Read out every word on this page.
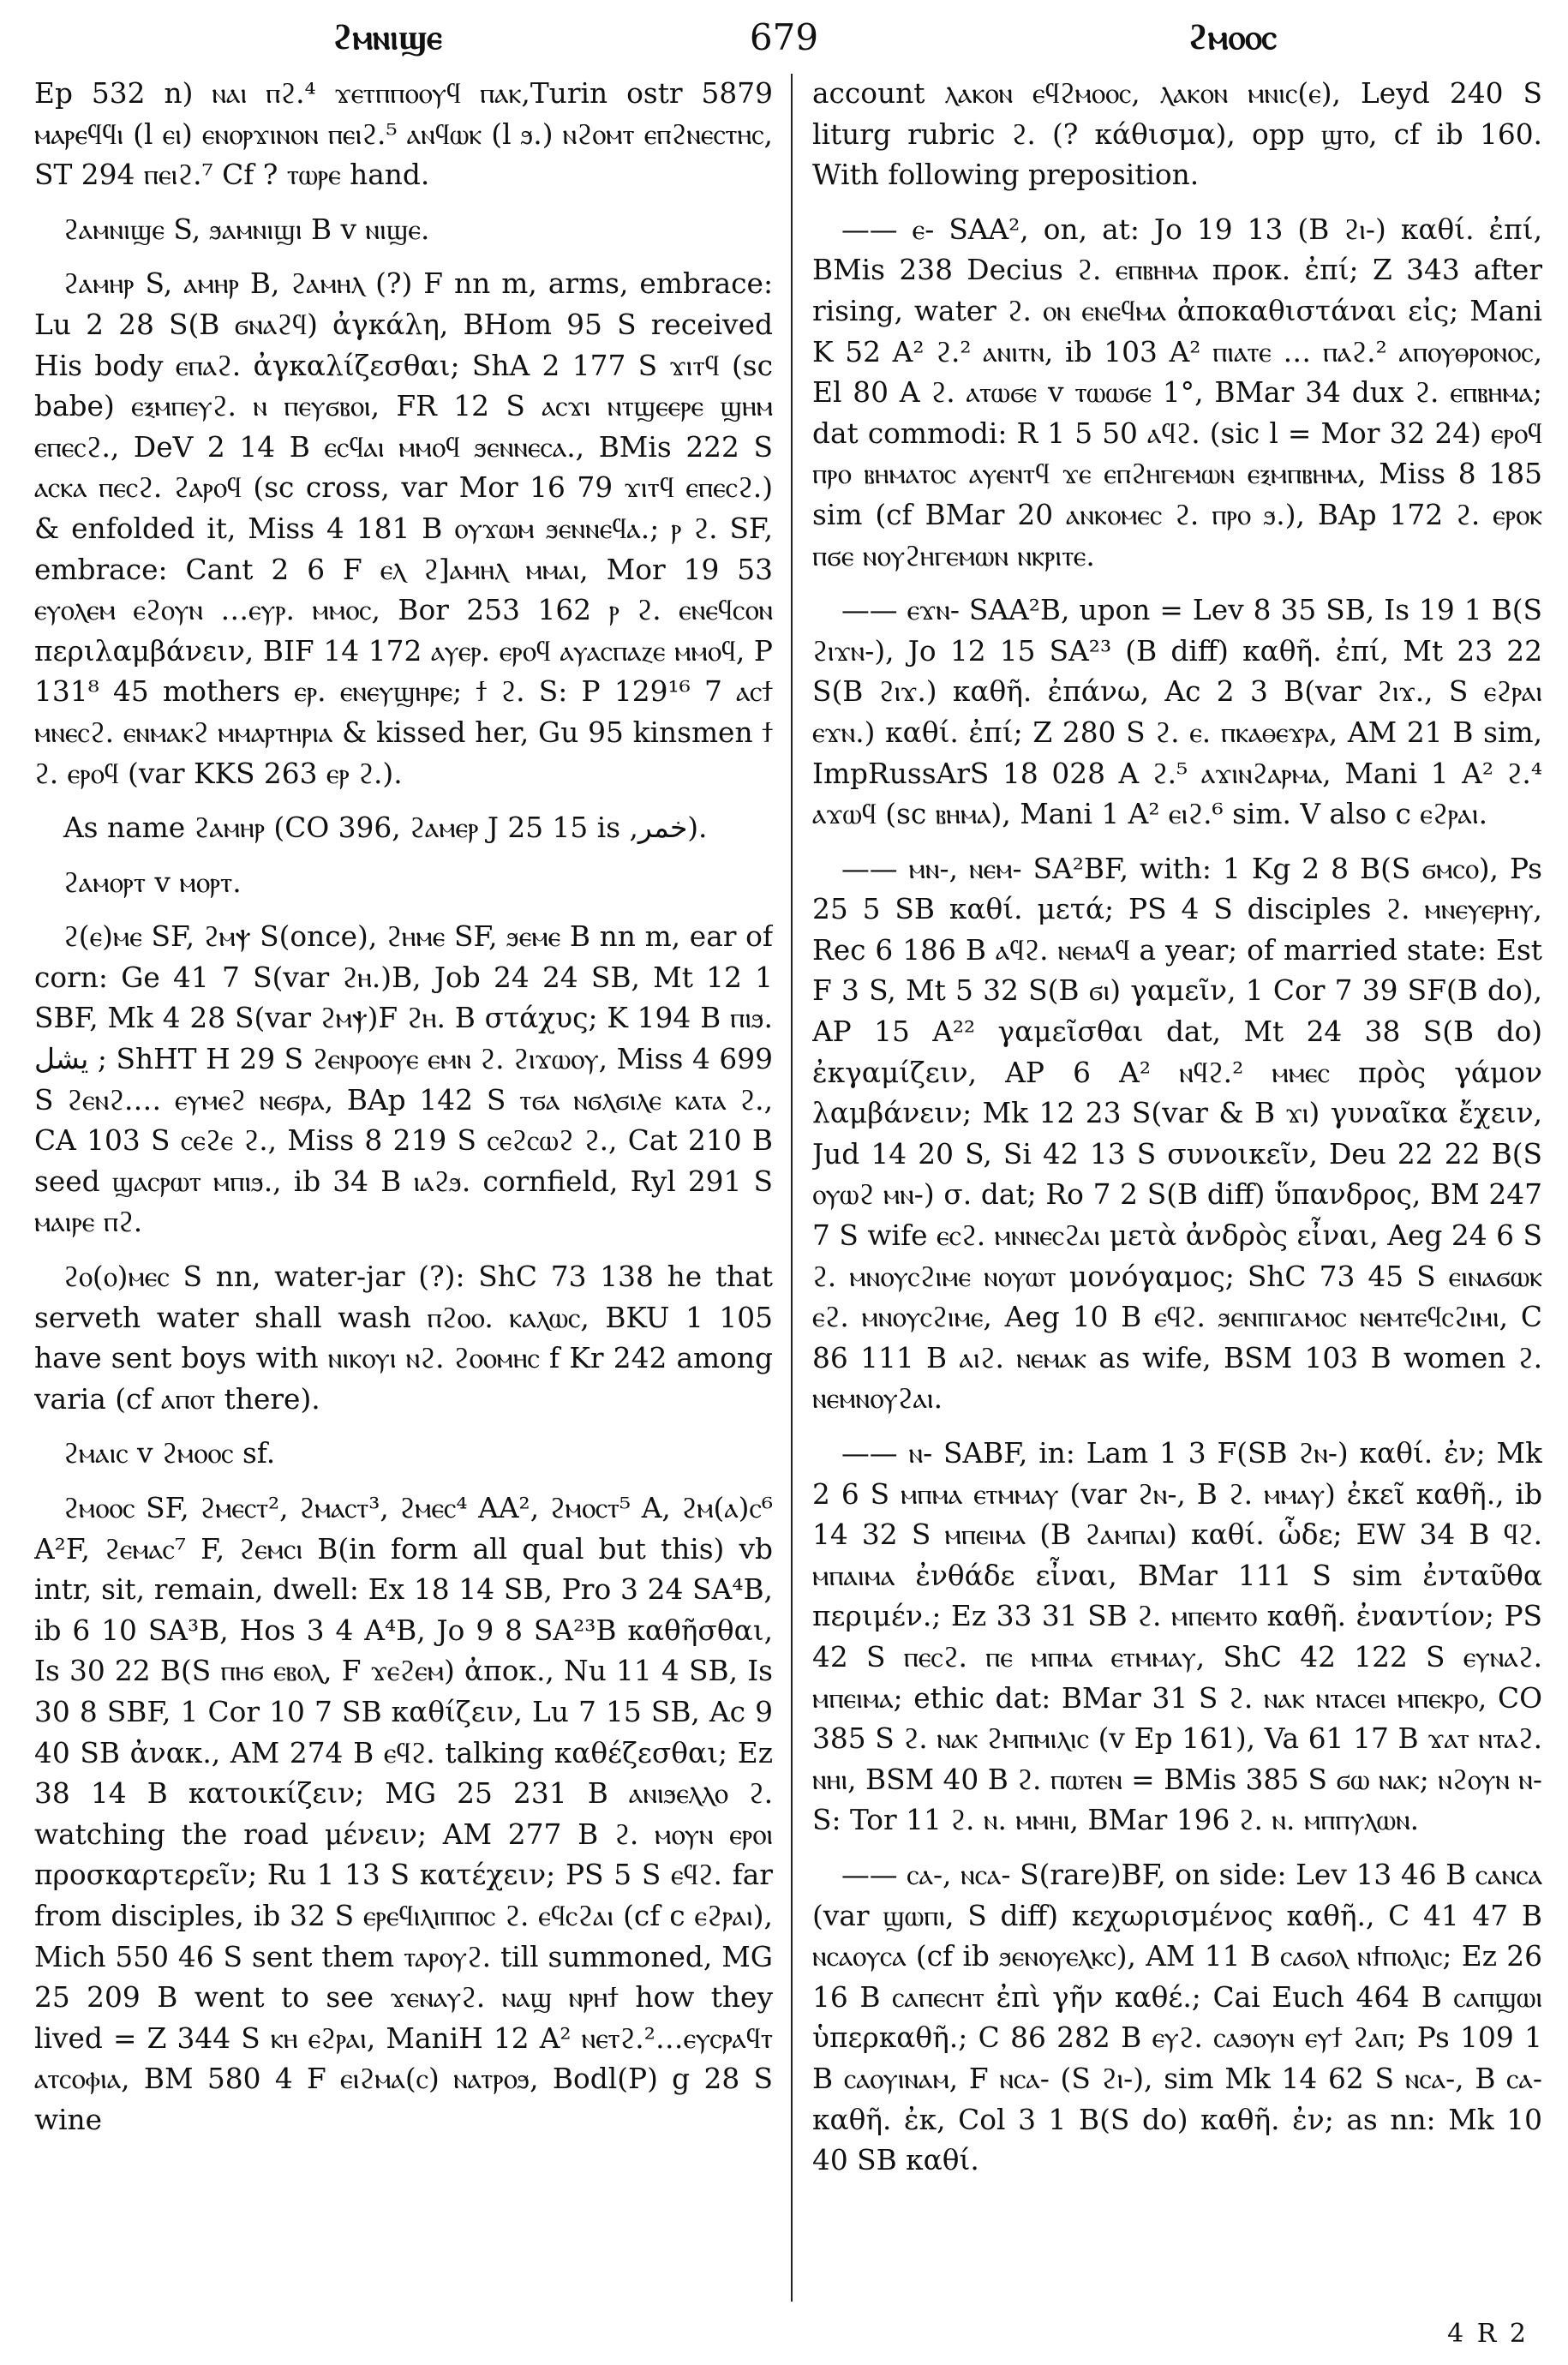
679
ϩⲙⲛⲓϣⲉ	ϩⲙⲟⲟⲥ

Ep 532 n) ⲛⲁⲓ ⲡϩ.⁴ ϫⲉⲧⲡⲡⲟⲟⲩϥ ⲡⲁⲕ,Turin ostr 5879 ⲙⲁⲣⲉϥϥⲓ (l ⲉⲓ) ⲉⲛⲟⲣϫⲓⲛⲟⲛ ⲡⲉⲓϩ.⁵ ⲁⲛϥⲱⲕ (l ϧ.) ⲛϩⲟⲙⲧ ⲉⲡϩⲛⲉⲥⲧⲏⲥ, ST 294 ⲡⲉⲓϩ.⁷ Cf ? ⲧⲱⲣⲉ hand.

ϩⲁⲙⲛⲓϣⲉ S, ϧⲁⲙⲛⲓϣⲓ B v ⲛⲓϣⲉ.

ϩⲁⲙⲏⲣ S, ⲁⲙⲏⲣ B, ϩⲁⲙⲏⲗ (?) F nn m, arms, embrace: Lu 2 28 S(B ϭⲛⲁϩϥ) ἀγκάλη, BHom 95 S received His body ⲉⲡⲁϩ. ἀγκαλίζεσθαι; ShA 2 177 S ϫⲓⲧϥ (sc babe) ⲉⲝⲙⲡⲉⲩϩ. ⲛ ⲡⲉⲩϭⲃⲟⲓ, FR 12 S ⲁⲥϫⲓ ⲛⲧϣⲉⲉⲣⲉ ϣⲏⲙ ⲉⲡⲉⲥϩ., DeV 2 14 B ⲉⲥϥⲁⲓ ⲙⲙⲟϥ ϧⲉⲛⲛⲉⲥⲁ., BMis 222 S ⲁⲥⲕⲁ ⲡⲉⲥϩ. ϩⲁⲣⲟϥ (sc cross, var Mor 16 79 ϫⲓⲧϥ ⲉⲡⲉⲥϩ.) & enfolded it, Miss 4 181 B ⲟⲩϫⲱⲙ ϧⲉⲛⲛⲉϥⲁ.; ⲣ ϩ. SF, embrace: Cant 2 6 F ⲉⲗ ϩ]ⲁⲙⲏⲗ ⲙⲙⲁⲓ, Mor 19 53 ⲉⲩⲟⲗⲉⲙ ⲉϩⲟⲩⲛ …ⲉⲩⲣ. ⲙⲙⲟⲥ, Bor 253 162 ⲣ ϩ. ⲉⲛⲉϥⲥⲟⲛ περιλαμβάνειν, BIF 14 172 ⲁⲩⲉⲣ. ⲉⲣⲟϥ ⲁⲩⲁⲥⲡⲁⲍⲉ ⲙⲙⲟϥ, P 131⁸ 45 mothers ⲉⲣ. ⲉⲛⲉⲩϣⲏⲣⲉ; ϯ ϩ. S: P 129¹⁶ 7 ⲁⲥϯ ⲙⲛⲉⲥϩ. ⲉⲛⲙⲁⲕϩ ⲙⲙⲁⲣⲧⲏⲣⲓⲁ & kissed her, Gu 95 kinsmen ϯ ϩ. ⲉⲣⲟϥ (var KKS 263 ⲉⲣ ϩ.).

As name ϩⲁⲙⲏⲣ (CO 396, ϩⲁⲙⲉⲣ J 25 15 is ,خمر).

ϩⲁⲙⲟⲣⲧ v ⲙⲟⲣⲧ.

ϩ(ⲉ)ⲙⲉ SF, ϩⲙⲯ S(once), ϩⲏⲙⲉ SF, ϧⲉⲙⲉ B nn m, ear of corn: Ge 41 7 S(var ϩⲏ.)B, Job 24 24 SB, Mt 12 1 SBF, Mk 4 28 S(var ϩⲙⲯ)F ϩⲏ. B στάχυς; K 194 B ⲡⲓϧ. ﻳﺸﻞ ; ShHT H 29 S ϩⲉⲛⲣⲟⲟⲩⲉ ⲉⲙⲛ ϩ. ϩⲓϫⲱⲟⲩ, Miss 4 699 S ϩⲉⲛϩ.… ⲉⲩⲙⲉϩ ⲛⲉϭⲣⲁ, BAp 142 S ⲧϭⲁ ⲛϭⲗϭⲓⲗⲉ ⲕⲁⲧⲁ ϩ., CA 103 S ⲥⲉϩⲉ ϩ., Miss 8 219 S ⲥⲉϩⲥⲱϩ ϩ., Cat 210 B seed ϣⲁⲥⲣⲱⲧ ⲙⲡⲓϧ., ib 34 B ⲓⲁϩϧ. cornfield, Ryl 291 S ⲙⲁⲓⲣⲉ ⲡϩ.

ϩⲟ(ⲟ)ⲙⲉⲥ S nn, water-jar (?): ShC 73 138 he that serveth water shall wash ⲡϩⲟⲟ. ⲕⲁⲗⲱⲥ, BKU 1 105 have sent boys with ⲛⲓⲕⲟⲩⲓ ⲛϩ. ϩⲟⲟⲙⲏⲥ f Kr 242 among varia (cf ⲁⲡⲟⲧ there).

ϩⲙⲁⲓⲥ v ϩⲙⲟⲟⲥ sf.

ϩⲙⲟⲟⲥ SF, ϩⲙⲉⲥⲧ², ϩⲙⲁⲥⲧ³, ϩⲙⲉⲥ⁴ AA², ϩⲙⲟⲥⲧ⁵ A, ϩⲙ(ⲁ)ⲥ⁶ A²F, ϩⲉⲙⲁⲥ⁷ F, ϩⲉⲙⲥⲓ B(in form all qual but this) vb intr, sit, remain, dwell: Ex 18 14 SB, Pro 3 24 SA⁴B, ib 6 10 SA³B, Hos 3 4 A⁴B, Jo 9 8 SA²³B καθῆσθαι, Is 30 22 B(S ⲡⲏϭ ⲉⲃⲟⲗ, F ϫⲉϩⲉⲙ) ἀποκ., Nu 11 4 SB, Is 30 8 SBF, 1 Cor 10 7 SB καθίζειν, Lu 7 15 SB, Ac 9 40 SB ἀνακ., AM 274 B ⲉϥϩ. talking καθέζεσθαι; Ez 38 14 B κατοικίζειν; MG 25 231 B ⲁⲛⲓϧⲉⲗⲗⲟ ϩ. watching the road μένειν; AM 277 B ϩ. ⲙⲟⲩⲛ ⲉⲣⲟⲓ προσκαρτερεῖν; Ru 1 13 S κατέχειν; PS 5 S ⲉϥϩ. far from disciples, ib 32 S ⲉⲣⲉϥⲓⲗⲓⲡⲡⲟⲥ ϩ. ⲉϥⲥϩⲁⲓ (cf c ⲉϩⲣⲁⲓ), Mich 550 46 S sent them ⲧⲁⲣⲟⲩϩ. till summoned, MG 25 209 B went to see ϫⲉⲛⲁⲩϩ. ⲛⲁϣ ⲛⲣⲏϯ how they lived = Z 344 S ⲕⲏ ⲉϩⲣⲁⲓ, ManiH 12 A² ⲛⲉⲧϩ.²…ⲉⲩⲥⲣⲁϥⲧ ⲁⲧⲥⲟⲫⲓⲁ, BM 580 4 F ⲉⲓϩⲙⲁ(ⲥ) ⲛⲁⲧⲣⲟϧ, Bodl(P) g 28 S wine

account ⲗⲁⲕⲟⲛ ⲉϥϩⲙⲟⲟⲥ, ⲗⲁⲕⲟⲛ ⲙⲛⲓⲥ(ⲉ), Leyd 240 S liturg rubric ϩ. (? κάθισμα), opp ϣⲧⲟ, cf ib 160. With following preposition.

—— ⲉ- SAA², on, at: Jo 19 13 (B ϩⲓ-) καθί. ἐπί, BMis 238 Decius ϩ. ⲉⲡⲃⲏⲙⲁ προκ. ἐπί; Z 343 after rising, water ϩ. ⲟⲛ ⲉⲛⲉϥⲙⲁ ἀποκαθιστάναι εἰς; Mani K 52 A² ϩ.² ⲁⲛⲓⲧⲛ, ib 103 A² ⲡⲓⲁⲧⲉ … ⲡⲁϩ.² ⲁⲡⲟⲩⲑⲣⲟⲛⲟⲥ, El 80 A ϩ. ⲁⲧⲱϭⲉ v ⲧⲱⲱϭⲉ 1°, BMar 34 dux ϩ. ⲉⲡⲃⲏⲙⲁ; dat commodi: R 1 5 50 ⲁϥϩ. (sic l = Mor 32 24) ⲉⲣⲟϥ ⲡⲣⲟ ⲃⲏⲙⲁⲧⲟⲥ ⲁⲩⲉⲛⲧϥ ϫⲉ ⲉⲡϩⲏⲅⲉⲙⲱⲛ ⲉⲝⲙⲡⲃⲏⲙⲁ, Miss 8 185 sim (cf BMar 20 ⲁⲛⲕⲟⲙⲉⲥ ϩ. ⲡⲣⲟ ϧ.), BAp 172 ϩ. ⲉⲣⲟⲕ ⲡϭⲉ ⲛⲟⲩϩⲏⲅⲉⲙⲱⲛ ⲛⲕⲣⲓⲧⲉ.

—— ⲉϫⲛ- SAA²B, upon = Lev 8 35 SB, Is 19 1 B(S ϩⲓϫⲛ-), Jo 12 15 SA²³ (B diff) καθῆ. ἐπί, Mt 23 22 S(B ϩⲓϫ.) καθῆ. ἐπάνω, Ac 2 3 B(var ϩⲓϫ., S ⲉϩⲣⲁⲓ ⲉϫⲛ.) καθί. ἐπί; Z 280 S ϩ. ⲉ. ⲡⲕⲁⲑⲉϫⲣⲁ, AM 21 B sim, ImpRussArS 18 028 A ϩ.⁵ ⲁϫⲓⲛϩⲁⲣⲙⲁ, Mani 1 A² ϩ.⁴ ⲁϫⲱϥ (sc ⲃⲏⲙⲁ), Mani 1 A² ⲉⲓϩ.⁶ sim. V also c ⲉϩⲣⲁⲓ.

—— ⲙⲛ-, ⲛⲉⲙ- SA²BF, with: 1 Kg 2 8 B(S ϭⲙⲥⲟ), Ps 25 5 SB καθί. μετά; PS 4 S disciples ϩ. ⲙⲛⲉⲩⲉⲣⲏⲩ, Rec 6 186 B ⲁϥϩ. ⲛⲉⲙⲁϥ a year; of married state: Est F 3 S, Mt 5 32 S(B ϭⲓ) γαμεῖν, 1 Cor 7 39 SF(B do), AP 15 A²² γαμεῖσθαι dat, Mt 24 38 S(B do) ἐκγαμίζειν, AP 6 A² ⲛϥϩ.² ⲙⲙⲉⲥ πρὸς γάμον λαμβάνειν; Mk 12 23 S(var & B ϫⲓ) γυναῖκα ἔχειν, Jud 14 20 S, Si 42 13 S συνοικεῖν, Deu 22 22 B(S ⲟⲩⲱϩ ⲙⲛ-) σ. dat; Ro 7 2 S(B diff) ὕπανδρος, BM 247 7 S wife ⲉⲥϩ. ⲙⲛⲛⲉⲥϩⲁⲓ μετὰ ἀνδρὸς εἶναι, Aeg 24 6 S ϩ. ⲙⲛⲟⲩⲥϩⲓⲙⲉ ⲛⲟⲩⲱⲧ μονόγαμος; ShC 73 45 S ⲉⲓⲛⲁϭⲱⲕ ⲉϩ. ⲙⲛⲟⲩⲥϩⲓⲙⲉ, Aeg 10 B ⲉϥϩ. ϧⲉⲛⲡⲓⲅⲁⲙⲟⲥ ⲛⲉⲙⲧⲉϥⲥϩⲓⲙⲓ, C 86 111 B ⲁⲓϩ. ⲛⲉⲙⲁⲕ as wife, BSM 103 B women ϩ. ⲛⲉⲙⲛⲟⲩϩⲁⲓ.

—— ⲛ- SABF, in: Lam 1 3 F(SB ϩⲛ-) καθί. ἐν; Mk 2 6 S ⲙⲡⲙⲁ ⲉⲧⲙⲙⲁⲩ (var ϩⲛ-, B ϩ. ⲙⲙⲁⲩ) ἐκεῖ καθῆ., ib 14 32 S ⲙⲡⲉⲓⲙⲁ (B ϩⲁⲙⲡⲁⲓ) καθί. ὧδε; EW 34 B ϥϩ. ⲙⲡⲁⲓⲙⲁ ἐνθάδε εἶναι, BMar 111 S sim ἐνταῦθα περιμέν.; Ez 33 31 SB ϩ. ⲙⲡⲉⲙⲧⲟ καθῆ. ἐναντίον; PS 42 S ⲡⲉⲥϩ. ⲡⲉ ⲙⲡⲙⲁ ⲉⲧⲙⲙⲁⲩ, ShC 42 122 S ⲉⲩⲛⲁϩ. ⲙⲡⲉⲓⲙⲁ; ethic dat: BMar 31 S ϩ. ⲛⲁⲕ ⲛⲧⲁⲥⲉⲓ ⲙⲡⲉⲕⲣⲟ, CO 385 S ϩ. ⲛⲁⲕ ϩⲙⲡⲙⲓⲗⲓⲥ (v Ep 161), Va 61 17 B ϫⲁⲧ ⲛⲧⲁϩ. ⲛⲏⲓ, BSM 40 B ϩ. ⲡⲱⲧⲉⲛ = BMis 385 S ϭⲱ ⲛⲁⲕ; ⲛϩⲟⲩⲛ ⲛ-S: Tor 11 ϩ. ⲛ. ⲙⲙⲏⲓ, BMar 196 ϩ. ⲛ. ⲙⲡⲡⲩⲗⲱⲛ.

—— ⲥⲁ-, ⲛⲥⲁ- S(rare)BF, on side: Lev 13 46 B ⲥⲁⲛⲥⲁ (var ϣⲱⲡⲓ, S diff) κεχωρισμένος καθῆ., C 41 47 B ⲛⲥⲁⲟⲩⲥⲁ (cf ib ϧⲉⲛⲟⲩⲉⲗⲕⲥ), AM 11 B ⲥⲁϭⲟⲗ ⲛϯⲡⲟⲗⲓⲥ; Ez 26 16 B ⲥⲁⲡⲉⲥⲏⲧ ἐπὶ γῆν καθέ.; Cai Euch 464 B ⲥⲁⲡϣⲱⲓ ὑπερκαθῆ.; C 86 282 B ⲉⲩϩ. ⲥⲁϧⲟⲩⲛ ⲉⲩϯ ϩⲁⲡ; Ps 109 1 B ⲥⲁⲟⲩⲓⲛⲁⲙ, F ⲛⲥⲁ- (S ϩⲓ-), sim Mk 14 62 S ⲛⲥⲁ-, B ⲥⲁ- καθῆ. ἐκ, Col 3 1 B(S do) καθῆ. ἐν; as nn: Mk 10 40 SB καθί.

4 R 2
